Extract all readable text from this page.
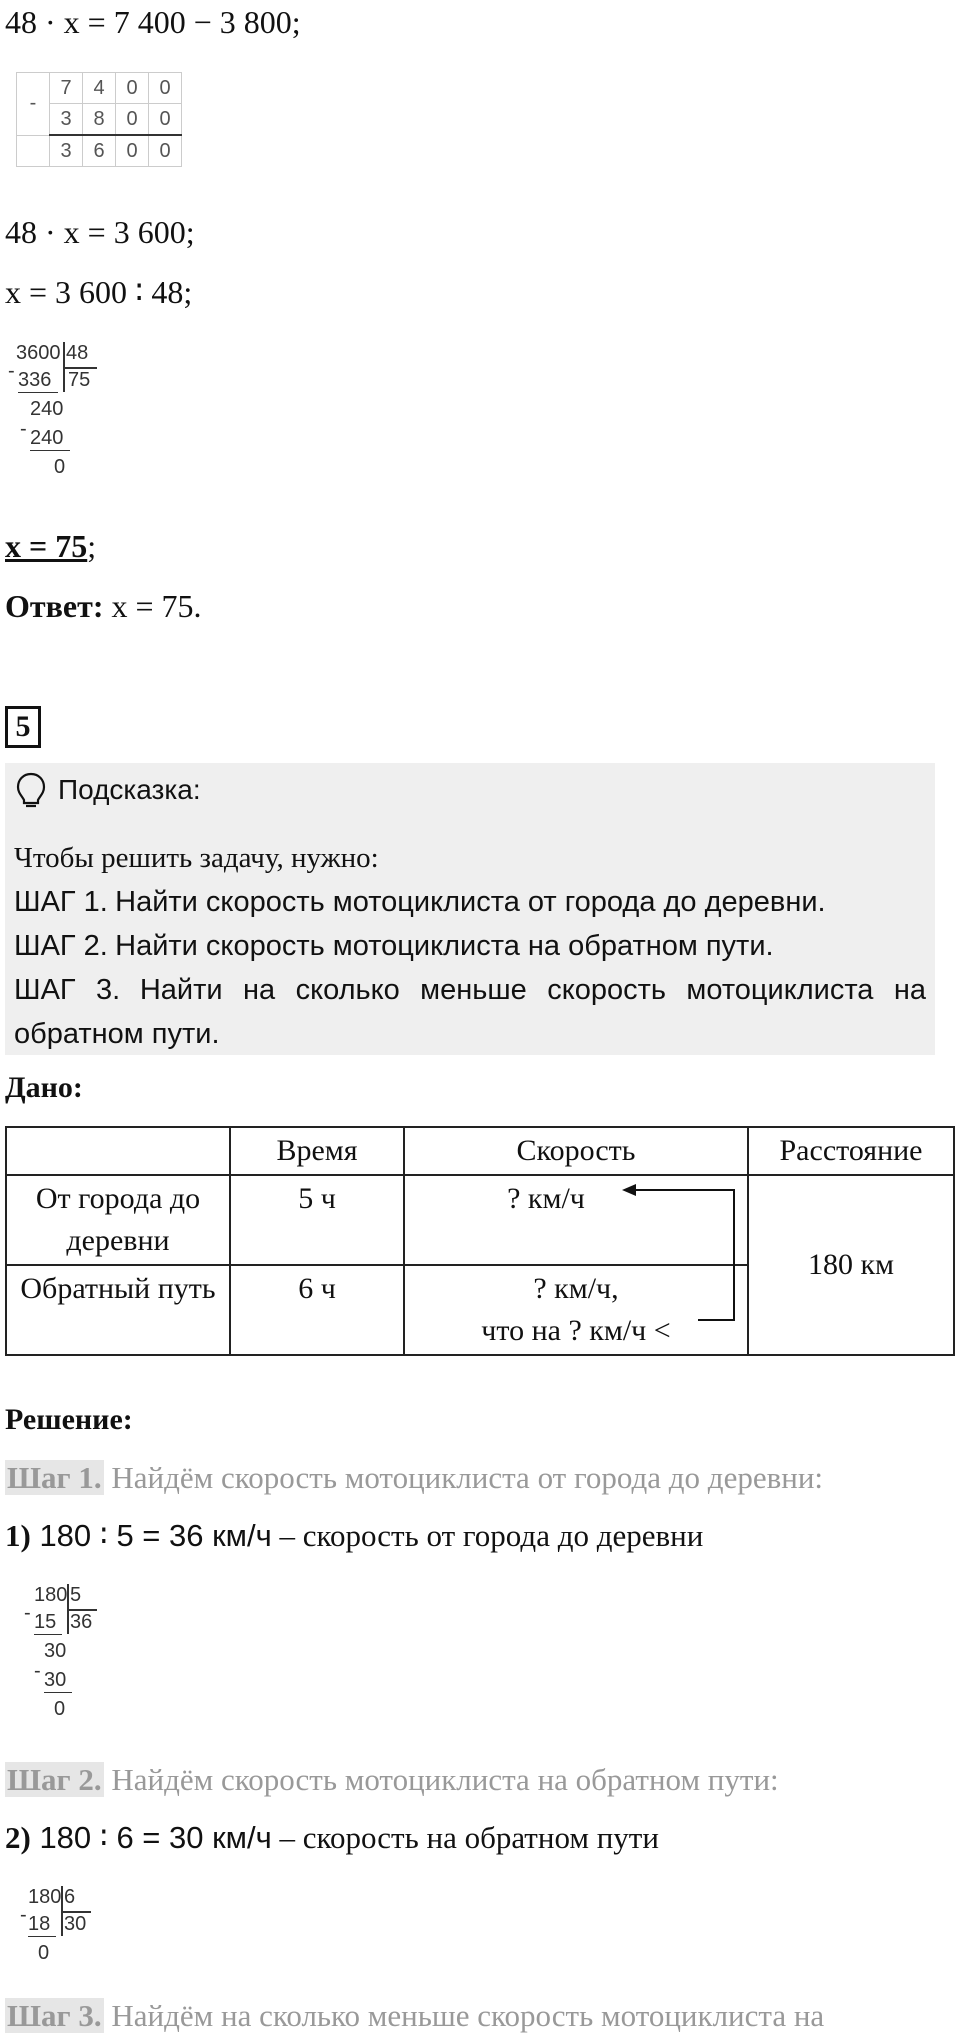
48 · x = 7 400 − 3 800;
-	7	4	0	0
	3	8	0	0
	3	6	0	0
48 · x = 3 600;
x = 3 600 ∶ 48;
3600 48
75
- 336
240
- 240
0
x = 75;
Ответ: x = 75.
5
Подсказка:
Чтобы решить задачу, нужно:
ШАГ 1. Найти скорость мотоциклиста от города до деревни.
ШАГ 2. Найти скорость мотоциклиста на обратном пути.
ШАГ 3. Найти на сколько меньше скорость мотоциклиста на обратном пути.
Дано:
	Время	Скорость	Расстояние
От города до деревни	5 ч	? км/ч	180 км
Обратный путь	6 ч	? км/ч,
что на ? км/ч <	
Решение:
Шаг 1. Найдём скорость мотоциклиста от города до деревни:
1) 180 ∶ 5 = 36 км/ч – скорость от города до деревни
180 5
36
- 15
30
- 30
0
Шаг 2. Найдём скорость мотоциклиста на обратном пути:
2) 180 ∶ 6 = 30 км/ч – скорость на обратном пути
180 6
30
- 18
0
Шаг 3. Найдём на сколько меньше скорость мотоциклиста на
